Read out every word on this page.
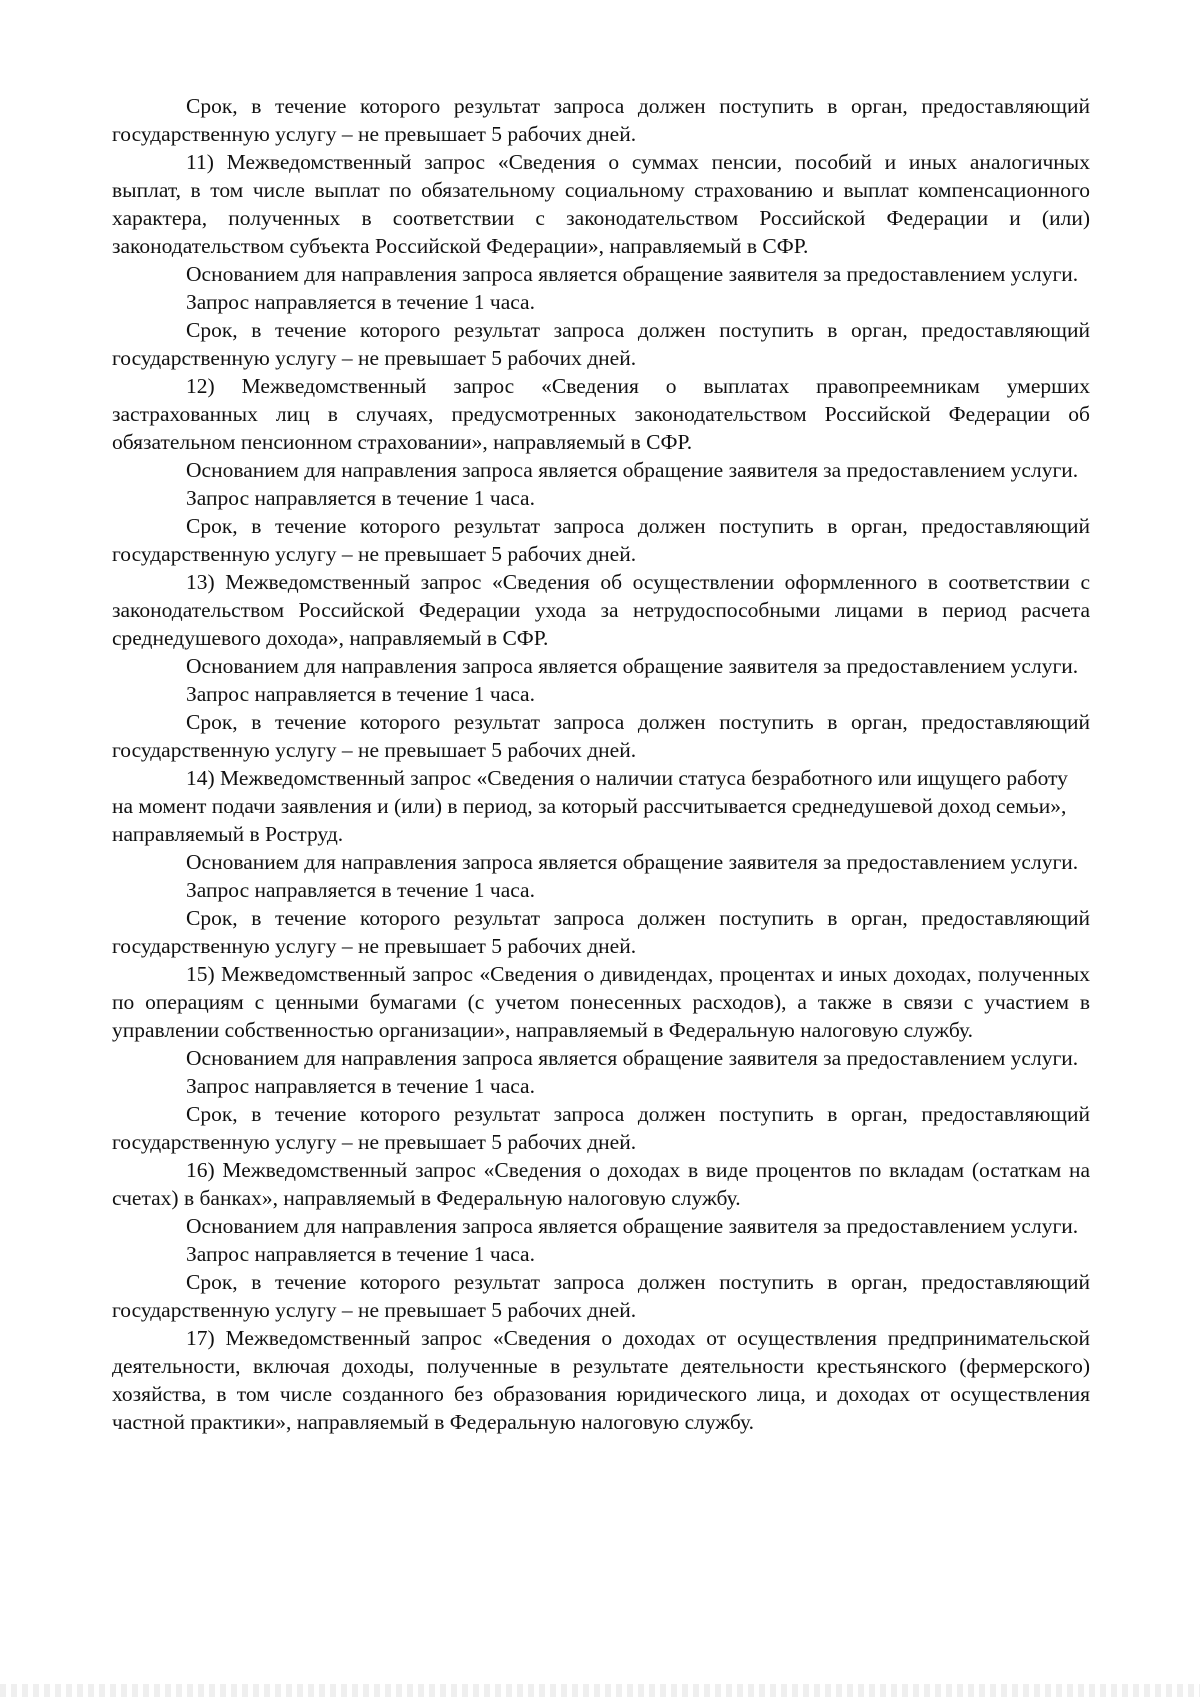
Срок, в течение которого результат запроса должен поступить в орган, предоставляющий государственную услугу – не превышает 5 рабочих дней.

11) Межведомственный запрос «Сведения о суммах пенсии, пособий и иных аналогичных выплат, в том числе выплат по обязательному социальному страхованию и выплат компенсационного характера, полученных в соответствии с законодательством Российской Федерации и (или) законодательством субъекта Российской Федерации», направляемый в СФР.

Основанием для направления запроса является обращение заявителя за предоставлением услуги.

Запрос направляется в течение 1 часа.

Срок, в течение которого результат запроса должен поступить в орган, предоставляющий государственную услугу – не превышает 5 рабочих дней.

12) Межведомственный запрос «Сведения о выплатах правопреемникам умерших застрахованных лиц в случаях, предусмотренных законодательством Российской Федерации об обязательном пенсионном страховании», направляемый в СФР.

Основанием для направления запроса является обращение заявителя за предоставлением услуги.

Запрос направляется в течение 1 часа.

Срок, в течение которого результат запроса должен поступить в орган, предоставляющий государственную услугу – не превышает 5 рабочих дней.

13) Межведомственный запрос «Сведения об осуществлении оформленного в соответствии с законодательством Российской Федерации ухода за нетрудоспособными лицами в период расчета среднедушевого дохода», направляемый в СФР.

Основанием для направления запроса является обращение заявителя за предоставлением услуги.

Запрос направляется в течение 1 часа.

Срок, в течение которого результат запроса должен поступить в орган, предоставляющий государственную услугу – не превышает 5 рабочих дней.

14) Межведомственный запрос «Сведения о наличии статуса безработного или ищущего работу на момент подачи заявления и (или) в период, за который рассчитывается среднедушевой доход семьи», направляемый в Роструд.

Основанием для направления запроса является обращение заявителя за предоставлением услуги.

Запрос направляется в течение 1 часа.

Срок, в течение которого результат запроса должен поступить в орган, предоставляющий государственную услугу – не превышает 5 рабочих дней.

15) Межведомственный запрос «Сведения о дивидендах, процентах и иных доходах, полученных по операциям с ценными бумагами (с учетом понесенных расходов), а также в связи с участием в управлении собственностью организации», направляемый в Федеральную налоговую службу.

Основанием для направления запроса является обращение заявителя за предоставлением услуги.

Запрос направляется в течение 1 часа.

Срок, в течение которого результат запроса должен поступить в орган, предоставляющий государственную услугу – не превышает 5 рабочих дней.

16) Межведомственный запрос «Сведения о доходах в виде процентов по вкладам (остаткам на счетах) в банках», направляемый в Федеральную налоговую службу.

Основанием для направления запроса является обращение заявителя за предоставлением услуги.

Запрос направляется в течение 1 часа.

Срок, в течение которого результат запроса должен поступить в орган, предоставляющий государственную услугу – не превышает 5 рабочих дней.

17) Межведомственный запрос «Сведения о доходах от осуществления предпринимательской деятельности, включая доходы, полученные в результате деятельности крестьянского (фермерского) хозяйства, в том числе созданного без образования юридического лица, и доходах от осуществления частной практики», направляемый в Федеральную налоговую службу.
